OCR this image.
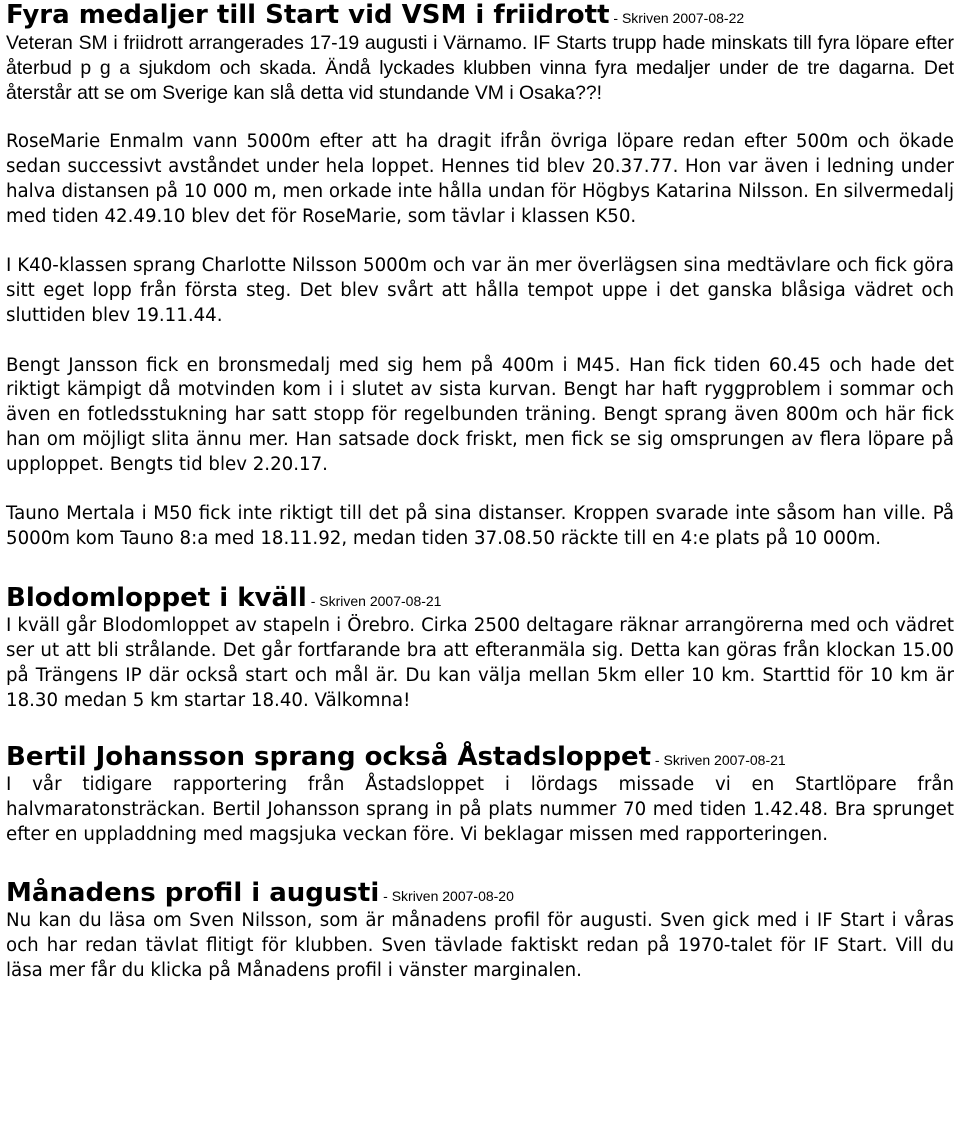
Fyra medaljer till Start vid VSM i friidrott - Skriven 2007-08-22

Veteran SM i friidrott arrangerades 17-19 augusti i Värnamo. IF Starts trupp hade minskats till fyra löpare efter återbud p g a sjukdom och skada. Ändå lyckades klubben vinna fyra medaljer under de tre dagarna. Det återstår att se om Sverige kan slå detta vid stundande VM i Osaka??!

RoseMarie Enmalm vann 5000m efter att ha dragit ifrån övriga löpare redan efter 500m och ökade sedan successivt avståndet under hela loppet. Hennes tid blev 20.37.77. Hon var även i ledning under halva distansen på 10 000 m, men orkade inte hålla undan för Högbys Katarina Nilsson. En silvermedalj med tiden 42.49.10 blev det för RoseMarie, som tävlar i klassen K50.

I K40-klassen sprang Charlotte Nilsson 5000m och var än mer överlägsen sina medtävlare och fick göra sitt eget lopp från första steg. Det blev svårt att hålla tempot uppe i det ganska blåsiga vädret och sluttiden blev 19.11.44.

Bengt Jansson fick en bronsmedalj med sig hem på 400m i M45. Han fick tiden 60.45 och hade det riktigt kämpigt då motvinden kom i i slutet av sista kurvan. Bengt har haft ryggproblem i sommar och även en fotledsstukning har satt stopp för regelbunden träning. Bengt sprang även 800m och här fick han om möjligt slita ännu mer. Han satsade dock friskt, men fick se sig omsprungen av flera löpare på upploppet. Bengts tid blev 2.20.17.

Tauno Mertala i M50 fick inte riktigt till det på sina distanser. Kroppen svarade inte såsom han ville. På 5000m kom Tauno 8:a med 18.11.92, medan tiden 37.08.50 räckte till en 4:e plats på 10 000m.

Blodomloppet i kväll - Skriven 2007-08-21

I kväll går Blodomloppet av stapeln i Örebro. Cirka 2500 deltagare räknar arrangörerna med och vädret ser ut att bli strålande. Det går fortfarande bra att efteranmäla sig. Detta kan göras från klockan 15.00 på Trängens IP där också start och mål är. Du kan välja mellan 5km eller 10 km. Starttid för 10 km är 18.30 medan 5 km startar 18.40. Välkomna!

Bertil Johansson sprang också Åstadsloppet - Skriven 2007-08-21

I vår tidigare rapportering från Åstadsloppet i lördags missade vi en Startlöpare från halvmaratonsträckan. Bertil Johansson sprang in på plats nummer 70 med tiden 1.42.48. Bra sprunget efter en uppladdning med magsjuka veckan före. Vi beklagar missen med rapporteringen.

Månadens profil i augusti - Skriven 2007-08-20

Nu kan du läsa om Sven Nilsson, som är månadens profil för augusti. Sven gick med i IF Start i våras och har redan tävlat flitigt för klubben. Sven tävlade faktiskt redan på 1970-talet för IF Start. Vill du läsa mer får du klicka på Månadens profil i vänster marginalen.
